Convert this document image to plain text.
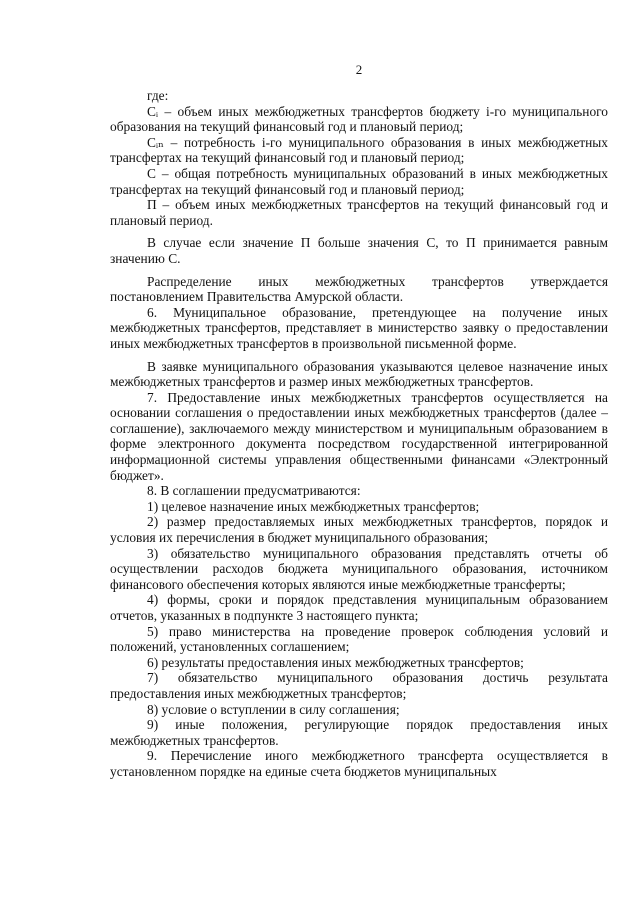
2

где:

Cᵢ – объем иных межбюджетных трансфертов бюджету i-го муниципального образования на текущий финансовый год и плановый период;

Cᵢₙ – потребность i-го муниципального образования в иных межбюджетных трансфертах на текущий финансовый год и плановый период;

C – общая потребность муниципальных образований в иных межбюджетных трансфертах на текущий финансовый год и плановый период;

П – объем иных межбюджетных трансфертов на текущий финансовый год и плановый период.

В случае если значение П больше значения C, то П принимается равным значению C.

Распределение иных межбюджетных трансфертов утверждается постановлением Правительства Амурской области.

6. Муниципальное образование, претендующее на получение иных межбюджетных трансфертов, представляет в министерство заявку о предоставлении иных межбюджетных трансфертов в произвольной письменной форме.

В заявке муниципального образования указываются целевое назначение иных межбюджетных трансфертов и размер иных межбюджетных трансфертов.

7. Предоставление иных межбюджетных трансфертов осуществляется на основании соглашения о предоставлении иных межбюджетных трансфертов (далее – соглашение), заключаемого между министерством и муниципальным образованием в форме электронного документа посредством государственной интегрированной информационной системы управления общественными финансами «Электронный бюджет».

8. В соглашении предусматриваются:

1) целевое назначение иных межбюджетных трансфертов;

2) размер предоставляемых иных межбюджетных трансфертов, порядок и условия их перечисления в бюджет муниципального образования;

3) обязательство муниципального образования представлять отчеты об осуществлении расходов бюджета муниципального образования, источником финансового обеспечения которых являются иные межбюджетные трансферты;

4) формы, сроки и порядок представления муниципальным образованием отчетов, указанных в подпункте 3 настоящего пункта;

5) право министерства на проведение проверок соблюдения условий и положений, установленных соглашением;

6) результаты предоставления иных межбюджетных трансфертов;

7) обязательство муниципального образования достичь результата предоставления иных межбюджетных трансфертов;

8) условие о вступлении в силу соглашения;

9) иные положения, регулирующие порядок предоставления иных межбюджетных трансфертов.

9. Перечисление иного межбюджетного трансферта осуществляется в установленном порядке на единые счета бюджетов муниципальных
